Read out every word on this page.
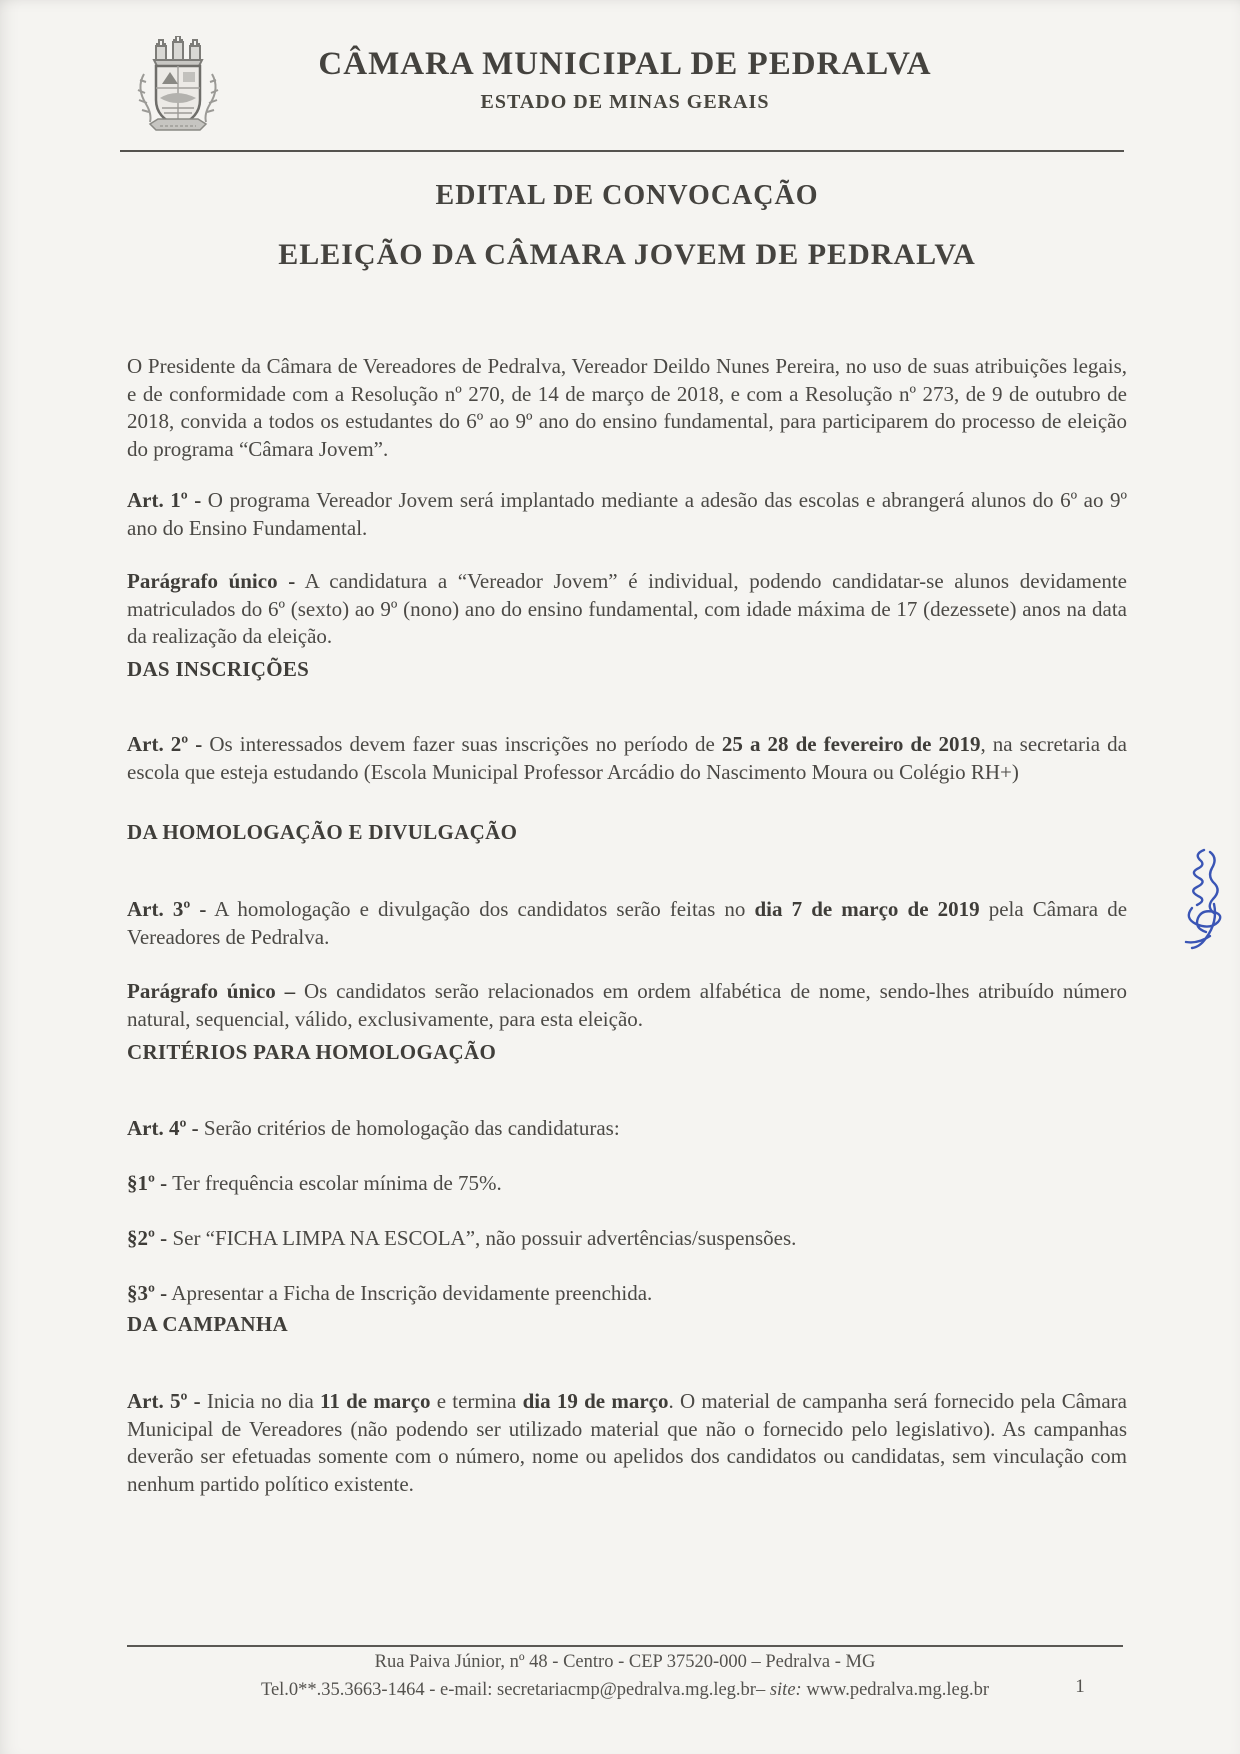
CÂMARA MUNICIPAL DE PEDRALVA
ESTADO DE MINAS GERAIS
EDITAL DE CONVOCAÇÃO
ELEIÇÃO DA CÂMARA JOVEM DE PEDRALVA

O Presidente da Câmara de Vereadores de Pedralva, Vereador Deildo Nunes Pereira, no uso de suas atribuições legais, e de conformidade com a Resolução nº 270, de 14 de março de 2018, e com a Resolução nº 273, de 9 de outubro de 2018, convida a todos os estudantes do 6º ao 9º ano do ensino fundamental, para participarem do processo de eleição do programa “Câmara Jovem”.

Art. 1º - O programa Vereador Jovem será implantado mediante a adesão das escolas e abrangerá alunos do 6º ao 9º ano do Ensino Fundamental.

Parágrafo único - A candidatura a “Vereador Jovem” é individual, podendo candidatar-se alunos devidamente matriculados do 6º (sexto) ao 9º (nono) ano do ensino fundamental, com idade máxima de 17 (dezessete) anos na data da realização da eleição.

DAS INSCRIÇÕES

Art. 2º - Os interessados devem fazer suas inscrições no período de 25 a 28 de fevereiro de 2019, na secretaria da escola que esteja estudando (Escola Municipal Professor Arcádio do Nascimento Moura ou Colégio RH+)

DA HOMOLOGAÇÃO E DIVULGAÇÃO

Art. 3º - A homologação e divulgação dos candidatos serão feitas no dia 7 de março de 2019 pela Câmara de Vereadores de Pedralva.

Parágrafo único – Os candidatos serão relacionados em ordem alfabética de nome, sendo-lhes atribuído número natural, sequencial, válido, exclusivamente, para esta eleição.

CRITÉRIOS PARA HOMOLOGAÇÃO

Art. 4º - Serão critérios de homologação das candidaturas:

§1º - Ter frequência escolar mínima de 75%.

§2º - Ser “FICHA LIMPA NA ESCOLA”, não possuir advertências/suspensões.

§3º - Apresentar a Ficha de Inscrição devidamente preenchida.

DA CAMPANHA

Art. 5º - Inicia no dia 11 de março e termina dia 19 de março. O material de campanha será fornecido pela Câmara Municipal de Vereadores (não podendo ser utilizado material que não o fornecido pelo legislativo). As campanhas deverão ser efetuadas somente com o número, nome ou apelidos dos candidatos ou candidatas, sem vinculação com nenhum partido político existente.

Rua Paiva Júnior, nº 48 - Centro - CEP 37520-000 – Pedralva - MG
Tel.0**.35.3663-1464 - e-mail: secretariacmp@pedralva.mg.leg.br– site: www.pedralva.mg.leg.br	1
